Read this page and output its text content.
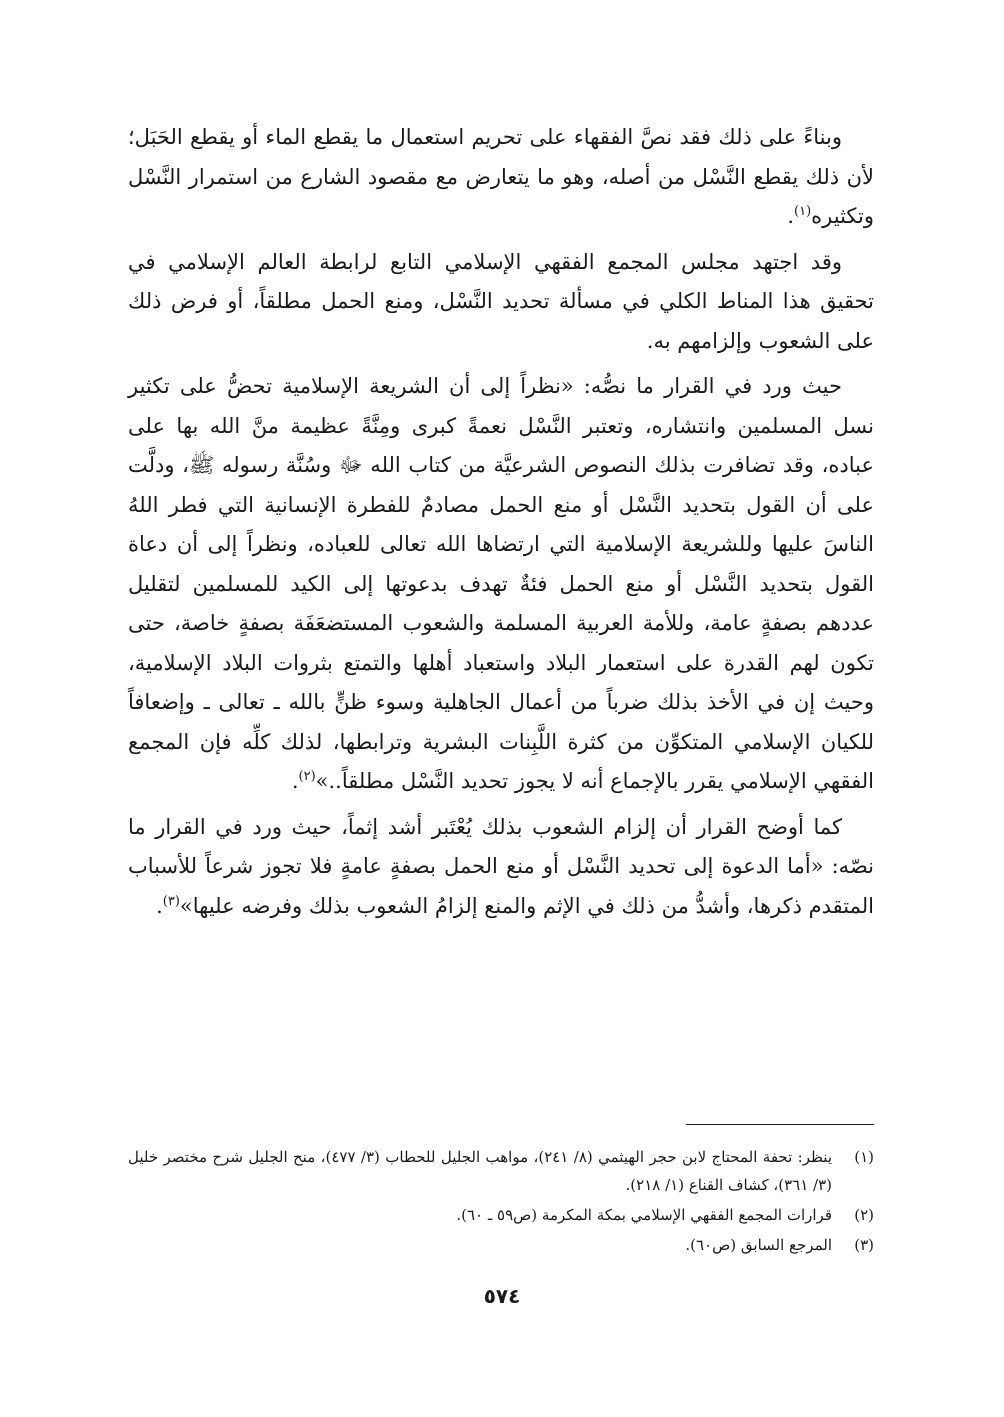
وبناءً على ذلك فقد نصَّ الفقهاء على تحريم استعمال ما يقطع الماء أو يقطع الحَبَل؛ لأن ذلك يقطع النَّسْل من أصله، وهو ما يتعارض مع مقصود الشارع من استمرار النَّسْل وتكثيره$^{(١)}$.

وقد اجتهد مجلس المجمع الفقهي الإسلامي التابع لرابطة العالم الإسلامي في تحقيق هذا المناط الكلي في مسألة تحديد النَّسْل، ومنع الحمل مطلقاً، أو فرض ذلك على الشعوب وإلزامهم به.

حيث ورد في القرار ما نصُّه: «نظراً إلى أن الشريعة الإسلامية تحضُّ على تكثير نسل المسلمين وانتشاره، وتعتبر النَّسْل نعمةً كبرى ومِنَّةً عظيمة منَّ الله بها على عباده، وقد تضافرت بذلك النصوص الشرعيَّة من كتاب الله ﷻ وسُنَّة رسوله ﷺ، ودلَّت على أن القول بتحديد النَّسْل أو منع الحمل مصادمٌ للفطرة الإنسانية التي فطر اللهُ الناسَ عليها وللشريعة الإسلامية التي ارتضاها الله تعالى للعباده، ونظراً إلى أن دعاة القول بتحديد النَّسْل أو منع الحمل فئةٌ تهدف بدعوتها إلى الكيد للمسلمين لتقليل عددهم بصفةٍ عامة، وللأمة العربية المسلمة والشعوب المستضعَفَة بصفةٍ خاصة، حتى تكون لهم القدرة على استعمار البلاد واستعباد أهلها والتمتع بثروات البلاد الإسلامية، وحيث إن في الأخذ بذلك ضرباً من أعمال الجاهلية وسوء ظنٍّ بالله ـ تعالى ـ وإضعافاً للكيان الإسلامي المتكوِّن من كثرة اللَّبِنات البشرية وترابطها، لذلك كلِّه فإن المجمع الفقهي الإسلامي يقرر بالإجماع أنه لا يجوز تحديد النَّسْل مطلقاً..»$^{(٢)}$.

كما أوضح القرار أن إلزام الشعوب بذلك يُعْتَبر أشد إثماً، حيث ورد في القرار ما نصّه: «أما الدعوة إلى تحديد النَّسْل أو منع الحمل بصفةٍ عامةٍ فلا تجوز شرعاً للأسباب المتقدم ذكرها، وأشدُّ من ذلك في الإثم والمنع إلزامُ الشعوب بذلك وفرضه عليها»$^{(٣)}$.

(١)
ينظر: تحفة المحتاج لابن حجر الهيثمي (٨/ ٢٤١)، مواهب الجليل للحطاب (٣/ ٤٧٧)، منح الجليل شرح مختصر خليل (٣/ ٣٦١)، كشاف القناع (١/ ٢١٨).
(٢)
قرارات المجمع الفقهي الإسلامي بمكة المكرمة (ص٥٩ ـ ٦٠).
(٣)
المرجع السابق (ص٦٠).
٥٧٤
